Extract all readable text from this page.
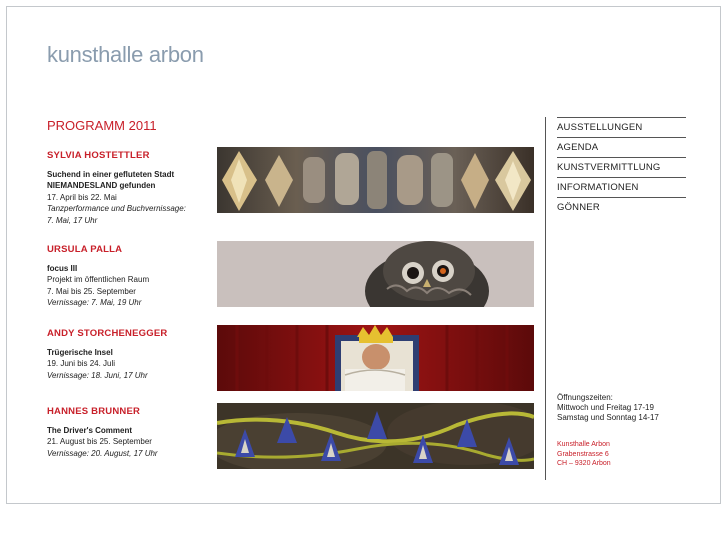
kunsthalle arbon
PROGRAMM 2011
SYLVIA HOSTETTLER
Suchend in einer gefluteten Stadt
NIEMANDESLAND gefunden
17. April bis 22. Mai
Tanzperformance und Buchvernissage:
7. Mai, 17 Uhr
URSULA PALLA
focus III
Projekt im öffentlichen Raum
7. Mai bis 25. September
Vernissage: 7. Mai, 19 Uhr
ANDY STORCHENEGGER
Trügerische Insel
19. Juni bis 24. Juli
Vernissage: 18. Juni, 17 Uhr
HANNES BRUNNER
The Driver's Comment
21. August bis 25. September
Vernissage: 20. August, 17 Uhr
AUSSTELLUNGEN
AGENDA
KUNSTVERMITTLUNG
INFORMATIONEN
GÖNNER
Öffnungszeiten:
Mittwoch und Freitag 17-19
Samstag und Sonntag 14-17
Kunsthalle Arbon
Grabenstrasse 6
CH – 9320 Arbon
